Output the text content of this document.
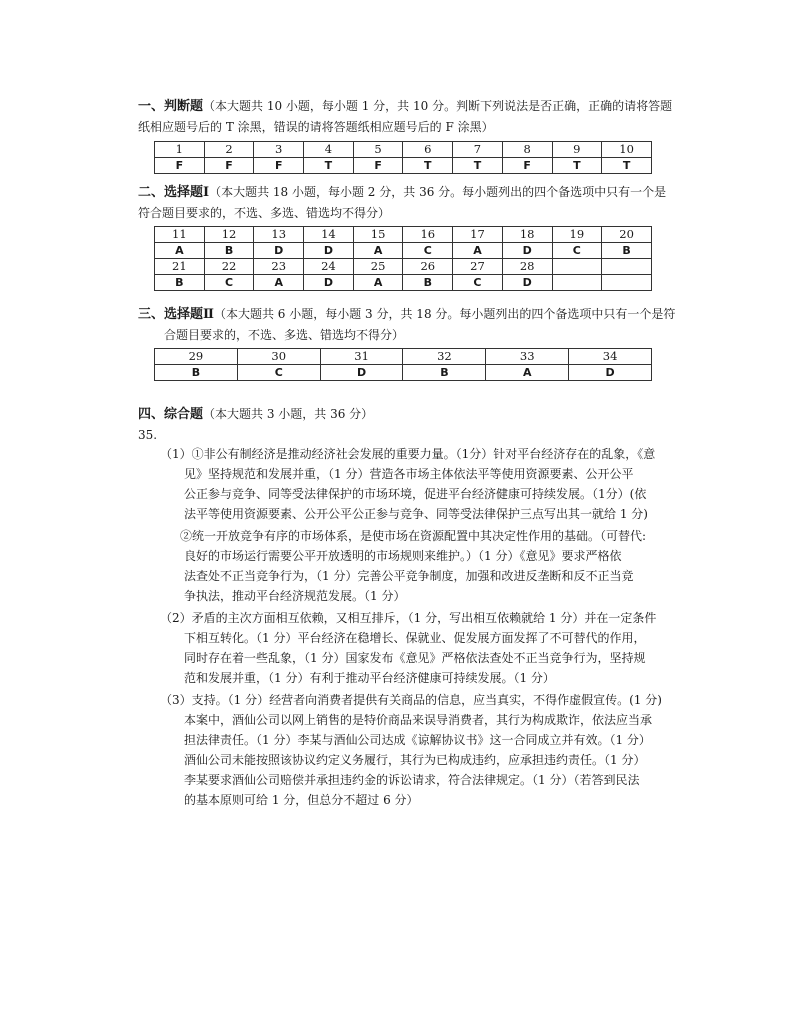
一、判断题（本大题共 10 小题，每小题 1 分，共 10 分。判断下列说法是否正确，正确的请将答题
纸相应题号后的 T 涂黑，错误的请将答题纸相应题号后的 F 涂黑）
1	2	3	4	5	6	7	8	9	10
F	F	F	T	F	T	T	F	T	T
二、选择题Ⅰ（本大题共 18 小题，每小题 2 分，共 36 分。每小题列出的四个备选项中只有一个是
符合题目要求的，不选、多选、错选均不得分）
11	12	13	14	15	16	17	18	19	20
A	B	D	D	A	C	A	D	C	B
21	22	23	24	25	26	27	28		
B	C	A	D	A	B	C	D		
三、选择题Ⅱ（本大题共 6 小题，每小题 3 分，共 18 分。每小题列出的四个备选项中只有一个是符
合题目要求的，不选、多选、错选均不得分）
29	30	31	32	33	34
B	C	D	B	A	D
四、综合题（本大题共 3 小题，共 36 分）
35.
（1）①非公有制经济是推动经济社会发展的重要力量。（1分）针对平台经济存在的乱象，《意
见》坚持规范和发展并重，（1 分）营造各市场主体依法平等使用资源要素、公开公平
公正参与竞争、同等受法律保护的市场环境，促进平台经济健康可持续发展。（1分）(依
法平等使用资源要素、公开公平公正参与竞争、同等受法律保护三点写出其一就给 1 分)
②统一开放竞争有序的市场体系，是使市场在资源配置中其决定性作用的基础。（可替代:
良好的市场运行需要公平开放透明的市场规则来维护。）（1 分）《意见》要求严格依
法查处不正当竞争行为，（1 分）完善公平竞争制度，加强和改进反垄断和反不正当竞
争执法，推动平台经济规范发展。（1 分）
（2）矛盾的主次方面相互依赖，又相互排斥，（1 分，写出相互依赖就给 1 分）并在一定条件
下相互转化。（1 分）平台经济在稳增长、保就业、促发展方面发挥了不可替代的作用，
同时存在着一些乱象，（1 分）国家发布《意见》严格依法查处不正当竞争行为，坚持规
范和发展并重，（1 分）有利于推动平台经济健康可持续发展。（1 分）
（3）支持。（1 分）经营者向消费者提供有关商品的信息，应当真实，不得作虚假宣传。(1 分)
本案中，酒仙公司以网上销售的是特价商品来误导消费者，其行为构成欺诈，依法应当承
担法律责任。（1 分）李某与酒仙公司达成《谅解协议书》这一合同成立并有效。（1 分）
酒仙公司未能按照该协议约定义务履行，其行为已构成违约，应承担违约责任。（1 分）
李某要求酒仙公司赔偿并承担违约金的诉讼请求，符合法律规定。（1 分）（若答到民法
的基本原则可给 1 分，但总分不超过 6 分）
